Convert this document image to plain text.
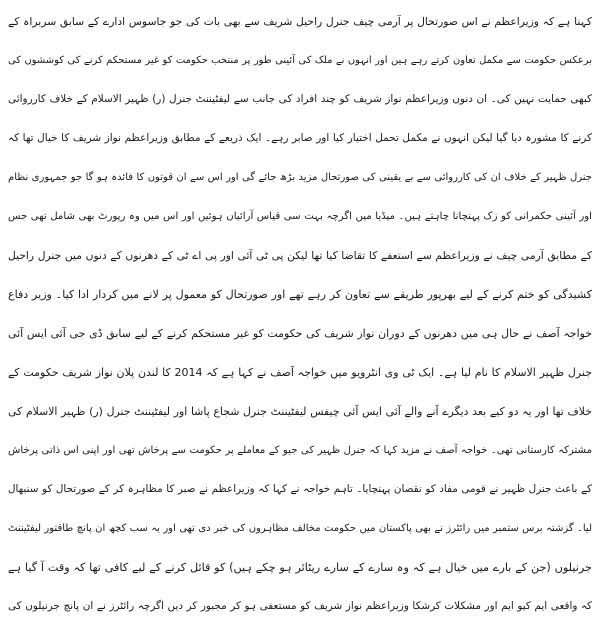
کہنا ہے کہ وزیراعظم نے اس صورتحال پر آرمی چیف جنرل راحیل شریف سے بھی بات کی جو جاسوس ادارے کے سابق سربراہ کے
برعکس حکومت سے مکمل تعاون کرتے رہے ہیں اور انہوں نے ملک کی آئینی طور پر منتخب حکومت کو غیر مستحکم کرنے کی کوششوں کی
کبھی حمایت نہیں کی۔ ان دنوں وزیراعظم نواز شریف کو چند افراد کی جانب سے لیفٹیننٹ جنرل (ر) ظہیر الاسلام کے خلاف کارروائی
کرنے کا مشورہ دیا گیا لیکن انہوں نے مکمل تحمل اختیار کیا اور صابر رہے۔ ایک ذریعے کے مطابق وزیراعظم نواز شریف کا خیال تھا کہ
جنرل ظہیر کے خلاف ان کی کارروائی سے بے یقینی کی صورتحال مزید بڑھ جائے گی اور اس سے ان قوتوں کا فائدہ ہو گا جو جمہوری نظام
اور آئینی حکمرانی کو زک پہنچانا چاہتے ہیں۔ میڈیا میں اگرچہ بہت سی قیاس آرائیاں ہوئیں اور اس میں وہ رپورٹ بھی شامل تھی جس
کے مطابق آرمی چیف نے وزیراعظم سے استعفے کا تقاضا کیا تھا لیکن پی ٹی آئی اور پی اے ٹی کے دھرنوں کے دنوں میں جنرل راحیل
کشیدگی کو ختم کرنے کے لیے بھرپور طریقے سے تعاون کر رہے تھے اور صورتحال کو معمول پر لانے میں کردار ادا کیا۔ وزیر دفاع
خواجہ آصف نے حال ہی میں دھرنوں کے دوران نواز شریف کی حکومت کو غیر مستحکم کرنے کے لیے سابق ڈی جی آئی ایس آئی
جنرل ظہیر الاسلام کا نام لیا ہے۔ ایک ٹی وی انٹرویو میں خواجہ آصف نے کہا ہے کہ 2014 کا لندن پلان نواز شریف حکومت کے
خلاف تھا اور یہ دو کیے بعد دیگرے آنے والے آئی ایس آئی چیفس لیفٹیننٹ جنرل شجاع پاشا اور لیفٹیننٹ جنرل (ر) ظہیر الاسلام کی
مشترکہ کارستانی تھی۔ خواجہ آصف نے مزید کہا کہ جنرل ظہیر کی جیو کے معاملے پر حکومت سے پرخاش تھی اور اپنی اس ذاتی پرخاش
کے باعث جنرل ظہیر نے قومی مفاد کو نقصان پہنچایا۔ تاہم خواجہ نے کہا کہ وزیراعظم نے صبر کا مظاہرہ کر کے صورتحال کو سنبھال
لیا۔ گزشتہ برس ستمبر میں رائٹرز نے بھی پاکستان میں حکومت مخالف مظاہروں کی خبر دی تھی اور یہ سب کچھ ان پانچ طاقتور لیفٹیننٹ
جرنیلوں (جن کے بارے میں خیال ہے کہ وہ سارے کے سارے ریٹائر ہو چکے ہیں) کو قائل کرنے کے لیے کافی تھا کہ وقت آ گیا ہے
کہ واقعی ایم کیو ایم اور مشکلات کرشکا وزیراعظم نواز شریف کو مستعفی ہو کر مجبور کر دیں اگرچہ رائٹرز نے ان پانچ جرنیلوں کی
